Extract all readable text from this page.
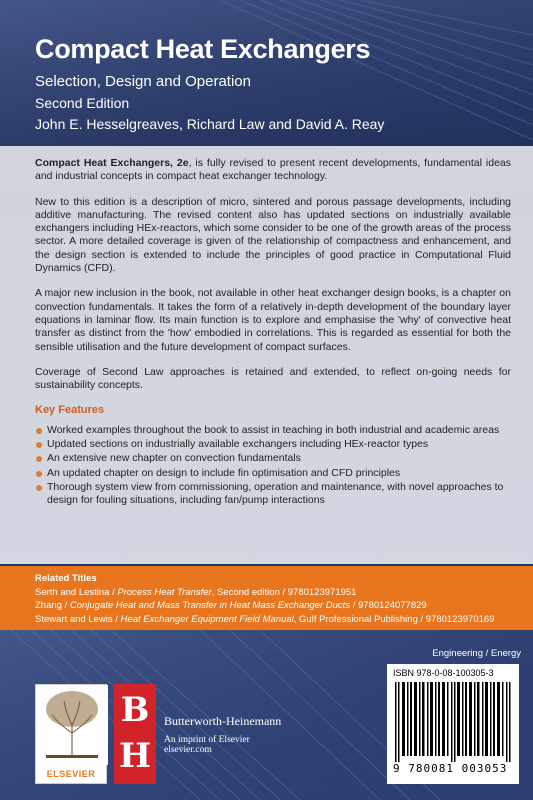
Compact Heat Exchangers
Selection, Design and Operation
Second Edition
John E. Hesselgreaves, Richard Law and David A. Reay

Compact Heat Exchangers, 2e, is fully revised to present recent developments, fundamental ideas and industrial concepts in compact heat exchanger technology.

New to this edition is a description of micro, sintered and porous passage developments, including additive manufacturing. The revised content also has updated sections on industrially available exchangers including HEx-reactors, which some consider to be one of the growth areas of the process sector. A more detailed coverage is given of the relationship of compactness and enhancement, and the design section is extended to include the principles of good practice in Computational Fluid Dynamics (CFD).

A major new inclusion in the book, not available in other heat exchanger design books, is a chapter on convection fundamentals. It takes the form of a relatively in-depth development of the boundary layer equations in laminar flow. Its main function is to explore and emphasise the 'why' of convective heat transfer as distinct from the 'how' embodied in correlations. This is regarded as essential for both the sensible utilisation and the future development of compact surfaces.

Coverage of Second Law approaches is retained and extended, to reflect on-going needs for sustainability concepts.

Key Features
Worked examples throughout the book to assist in teaching in both industrial and academic areas
Updated sections on industrially available exchangers including HEx-reactor types
An extensive new chapter on convection fundamentals
An updated chapter on design to include fin optimisation and CFD principles
Thorough system view from commissioning, operation and maintenance, with novel approaches to design for fouling situations, including fan/pump interactions
Related Titles
Serth and Lestina / Process Heat Transfer, Second edition / 9780123971951
Zhang / Conjugate Heat and Mass Transfer in Heat Mass Exchanger Ducts / 9780124077829
Stewart and Lewis / Heat Exchanger Equipment Field Manual, Gulf Professional Publishing / 9780123970169
Engineering / Energy
ISBN 978-0-08-100305-3
9 780081 003053
ELSEVIER
B
H
Butterworth-Heinemann
An imprint of Elsevier
elsevier.com
